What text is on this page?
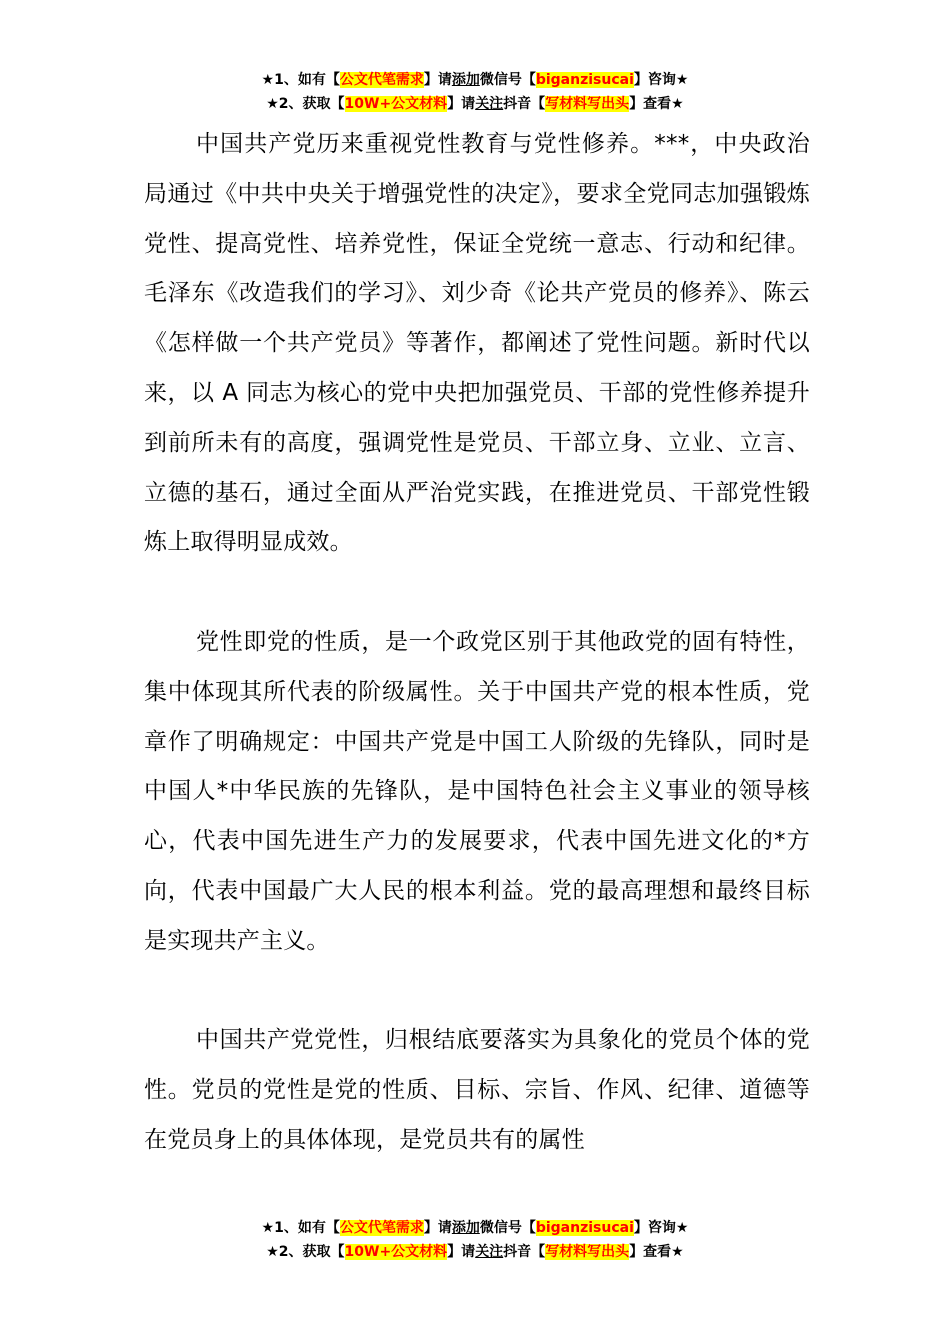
★1、如有【公文代笔需求】请添加微信号【biganzisucai】咨询★
★2、获取【10W+公文材料】请关注抖音【写材料写出头】查看★

中国共产党历来重视党性教育与党性修养。***，中央政治局通过《中共中央关于增强党性的决定》，要求全党同志加强锻炼党性、提高党性、培养党性，保证全党统一意志、行动和纪律。毛泽东《改造我们的学习》、刘少奇《论共产党员的修养》、陈云《怎样做一个共产党员》等著作，都阐述了党性问题。新时代以来，以 A 同志为核心的党中央把加强党员、干部的党性修养提升到前所未有的高度，强调党性是党员、干部立身、立业、立言、立德的基石，通过全面从严治党实践，在推进党员、干部党性锻炼上取得明显成效。

党性即党的性质，是一个政党区别于其他政党的固有特性，集中体现其所代表的阶级属性。关于中国共产党的根本性质，党章作了明确规定：中国共产党是中国工人阶级的先锋队，同时是中国人*中华民族的先锋队，是中国特色社会主义事业的领导核心，代表中国先进生产力的发展要求，代表中国先进文化的*方向，代表中国最广大人民的根本利益。党的最高理想和最终目标是实现共产主义。

中国共产党党性，归根结底要落实为具象化的党员个体的党性。党员的党性是党的性质、目标、宗旨、作风、纪律、道德等在党员身上的具体体现，是党员共有的属性

★1、如有【公文代笔需求】请添加微信号【biganzisucai】咨询★
★2、获取【10W+公文材料】请关注抖音【写材料写出头】查看★
